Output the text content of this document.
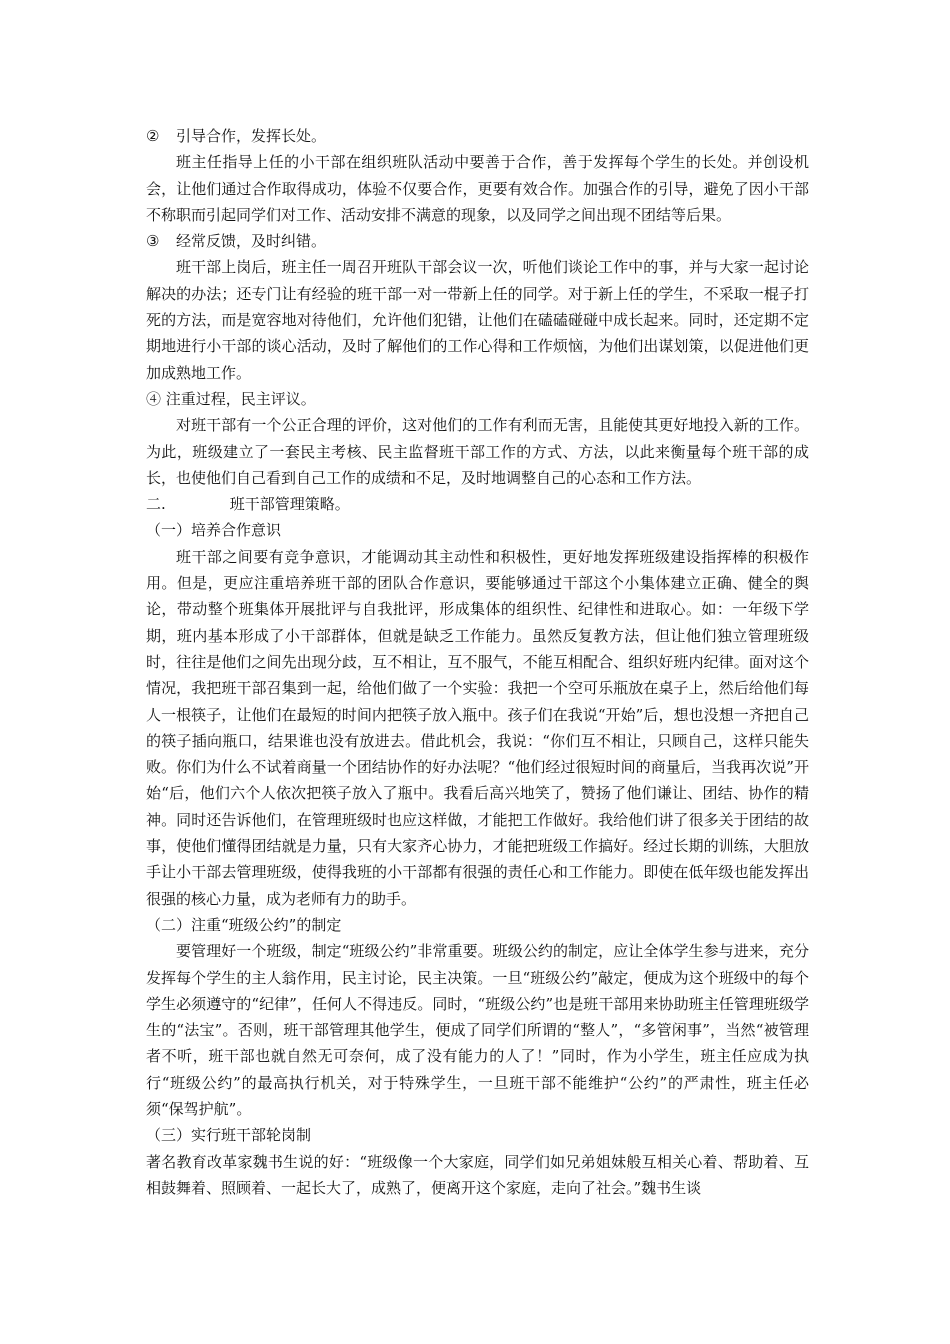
② 引导合作，发挥长处。

班主任指导上任的小干部在组织班队活动中要善于合作，善于发挥每个学生的长处。并创设机会，让他们通过合作取得成功，体验不仅要合作，更要有效合作。加强合作的引导，避免了因小干部不称职而引起同学们对工作、活动安排不满意的现象，以及同学之间出现不团结等后果。

③ 经常反馈，及时纠错。

班干部上岗后，班主任一周召开班队干部会议一次，听他们谈论工作中的事，并与大家一起讨论解决的办法；还专门让有经验的班干部一对一带新上任的同学。对于新上任的学生，不采取一棍子打死的方法，而是宽容地对待他们，允许他们犯错，让他们在磕磕碰碰中成长起来。同时，还定期不定期地进行小干部的谈心活动，及时了解他们的工作心得和工作烦恼，为他们出谋划策，以促进他们更加成熟地工作。

④ 注重过程，民主评议。

对班干部有一个公正合理的评价，这对他们的工作有利而无害，且能使其更好地投入新的工作。为此，班级建立了一套民主考核、民主监督班干部工作的方式、方法，以此来衡量每个班干部的成长，也使他们自己看到自己工作的成绩和不足，及时地调整自己的心态和工作方法。

二.	班干部管理策略。

（一）培养合作意识

班干部之间要有竞争意识，才能调动其主动性和积极性，更好地发挥班级建设指挥棒的积极作用。但是，更应注重培养班干部的团队合作意识，要能够通过干部这个小集体建立正确、健全的舆论，带动整个班集体开展批评与自我批评，形成集体的组织性、纪律性和进取心。如：一年级下学期，班内基本形成了小干部群体，但就是缺乏工作能力。虽然反复教方法，但让他们独立管理班级时，往往是他们之间先出现分歧，互不相让，互不服气，不能互相配合、组织好班内纪律。面对这个情况，我把班干部召集到一起，给他们做了一个实验：我把一个空可乐瓶放在桌子上，然后给他们每人一根筷子，让他们在最短的时间内把筷子放入瓶中。孩子们在我说“开始”后，想也没想一齐把自己的筷子插向瓶口，结果谁也没有放进去。借此机会，我说：“你们互不相让，只顾自己，这样只能失败。你们为什么不试着商量一个团结协作的好办法呢？“他们经过很短时间的商量后，当我再次说”开始“后，他们六个人依次把筷子放入了瓶中。我看后高兴地笑了，赞扬了他们谦让、团结、协作的精神。同时还告诉他们，在管理班级时也应这样做，才能把工作做好。我给他们讲了很多关于团结的故事，使他们懂得团结就是力量，只有大家齐心协力，才能把班级工作搞好。经过长期的训练，大胆放手让小干部去管理班级，使得我班的小干部都有很强的责任心和工作能力。即使在低年级也能发挥出很强的核心力量，成为老师有力的助手。

（二）注重“班级公约”的制定

要管理好一个班级，制定“班级公约”非常重要。班级公约的制定，应让全体学生参与进来，充分发挥每个学生的主人翁作用，民主讨论，民主决策。一旦“班级公约”敲定，便成为这个班级中的每个学生必须遵守的“纪律”，任何人不得违反。同时，“班级公约”也是班干部用来协助班主任管理班级学生的“法宝”。否则，班干部管理其他学生，便成了同学们所谓的“整人”，“多管闲事”，当然“被管理者不听，班干部也就自然无可奈何，成了没有能力的人了！”同时，作为小学生，班主任应成为执行“班级公约”的最高执行机关，对于特殊学生，一旦班干部不能维护“公约”的严肃性，班主任必须“保驾护航”。

（三）实行班干部轮岗制

著名教育改革家魏书生说的好：“班级像一个大家庭，同学们如兄弟姐妹般互相关心着、帮助着、互相鼓舞着、照顾着、一起长大了，成熟了，便离开这个家庭，走向了社会。”魏书生谈
